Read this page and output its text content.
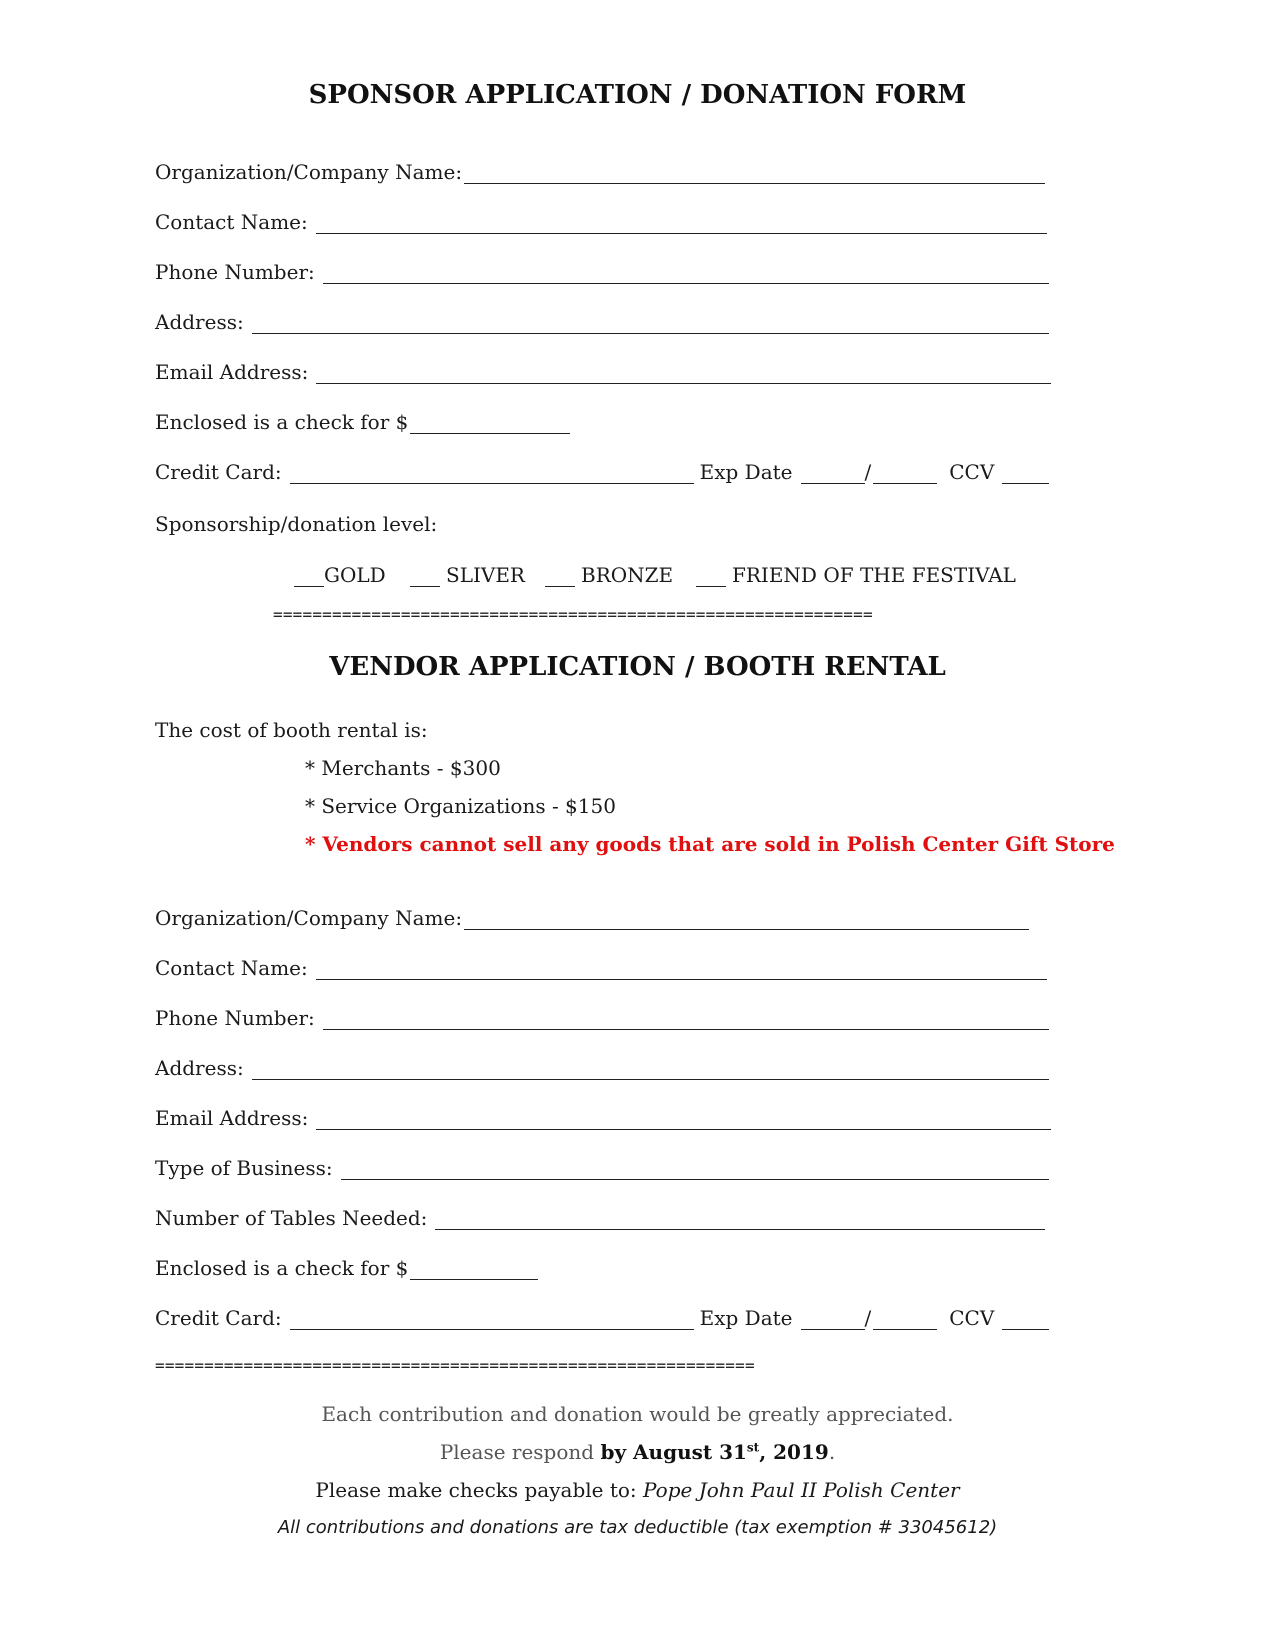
SPONSOR APPLICATION / DONATION FORM
Organization/Company Name:
Contact Name:
Phone Number:
Address:
Email Address:
Enclosed is a check for $
Credit Card:	Exp Date	/	CCV
Sponsorship/donation level:
GOLD	SLIVER	BRONZE	FRIEND OF THE FESTIVAL
=============================================================
VENDOR APPLICATION / BOOTH RENTAL
The cost of booth rental is:
* Merchants - $300
* Service Organizations - $150
* Vendors cannot sell any goods that are sold in Polish Center Gift Store
Organization/Company Name:
Contact Name:
Phone Number:
Address:
Email Address:
Type of Business:
Number of Tables Needed:
Enclosed is a check for $
Credit Card:	Exp Date	/	CCV
=============================================================
Each contribution and donation would be greatly appreciated.
Please respond by August 31st, 2019.
Please make checks payable to: Pope John Paul II Polish Center
All contributions and donations are tax deductible (tax exemption # 33045612)
